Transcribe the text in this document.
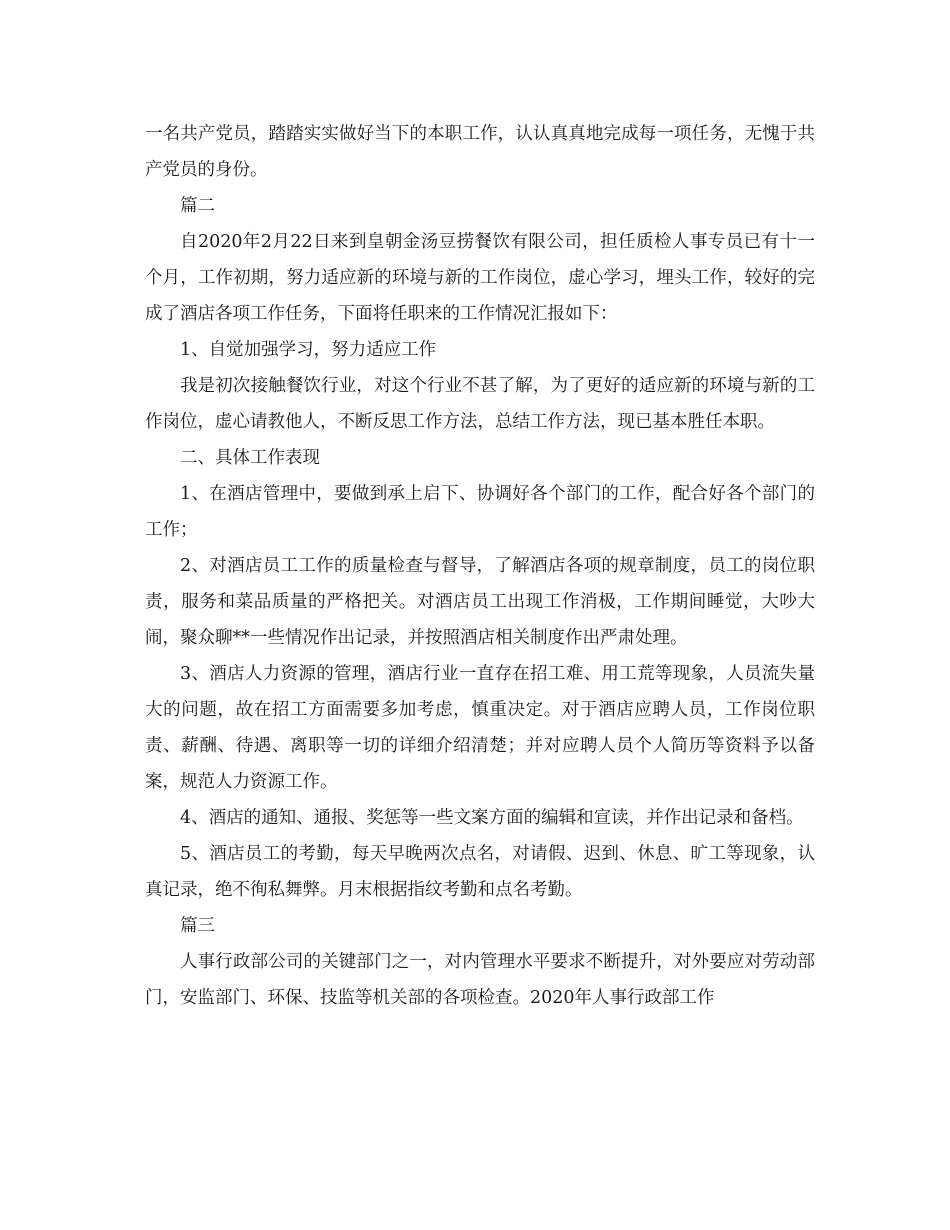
一名共产党员，踏踏实实做好当下的本职工作，认认真真地完成每一项任务，无愧于共产党员的身份。

篇二

自2020年2月22日来到皇朝金汤豆捞餐饮有限公司，担任质检人事专员已有十一个月，工作初期，努力适应新的环境与新的工作岗位，虚心学习，埋头工作，较好的完成了酒店各项工作任务，下面将任职来的工作情况汇报如下：

1、自觉加强学习，努力适应工作

我是初次接触餐饮行业，对这个行业不甚了解，为了更好的适应新的环境与新的工作岗位，虚心请教他人，不断反思工作方法，总结工作方法，现已基本胜任本职。

二、具体工作表现

1、在酒店管理中，要做到承上启下、协调好各个部门的工作，配合好各个部门的工作；

2、对酒店员工工作的质量检查与督导，了解酒店各项的规章制度，员工的岗位职责，服务和菜品质量的严格把关。对酒店员工出现工作消极，工作期间睡觉，大吵大闹，聚众聊**一些情况作出记录，并按照酒店相关制度作出严肃处理。

3、酒店人力资源的管理，酒店行业一直存在招工难、用工荒等现象，人员流失量大的问题，故在招工方面需要多加考虑，慎重决定。对于酒店应聘人员，工作岗位职责、薪酬、待遇、离职等一切的详细介绍清楚；并对应聘人员个人简历等资料予以备案，规范人力资源工作。

4、酒店的通知、通报、奖惩等一些文案方面的编辑和宣读，并作出记录和备档。

5、酒店员工的考勤，每天早晚两次点名，对请假、迟到、休息、旷工等现象，认真记录，绝不徇私舞弊。月末根据指纹考勤和点名考勤。

篇三

人事行政部公司的关键部门之一，对内管理水平要求不断提升，对外要应对劳动部门，安监部门、环保、技监等机关部的各项检查。2020年人事行政部工作
